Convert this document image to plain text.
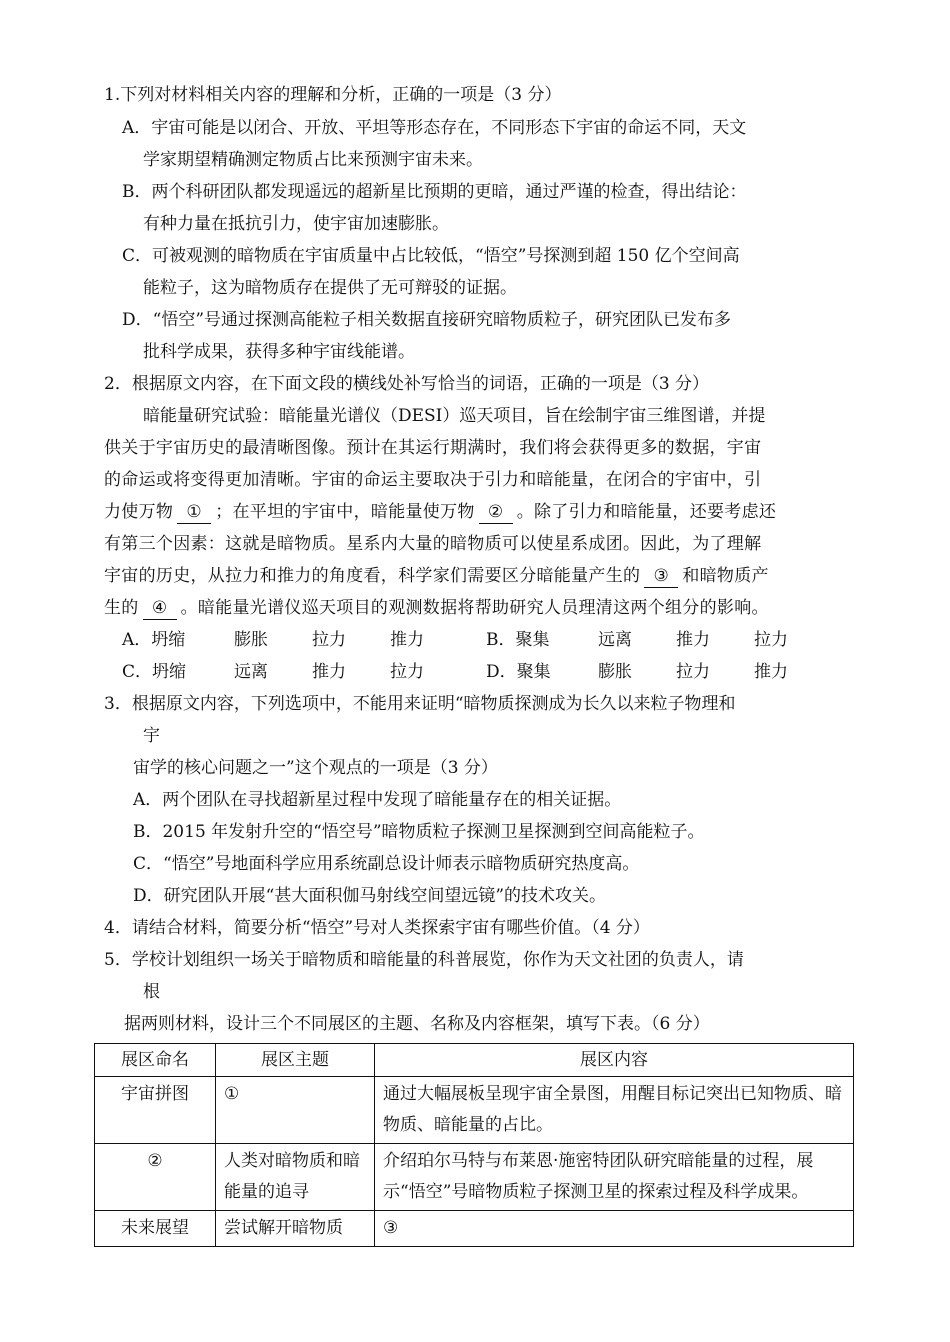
1.下列对材料相关内容的理解和分析，正确的一项是（3 分）
A．宇宙可能是以闭合、开放、平坦等形态存在，不同形态下宇宙的命运不同，天文
学家期望精确测定物质占比来预测宇宙未来。
B．两个科研团队都发现遥远的超新星比预期的更暗，通过严谨的检查，得出结论：
有种力量在抵抗引力，使宇宙加速膨胀。
C．可被观测的暗物质在宇宙质量中占比较低，“悟空”号探测到超 150 亿个空间高
能粒子，这为暗物质存在提供了无可辩驳的证据。
D．“悟空”号通过探测高能粒子相关数据直接研究暗物质粒子，研究团队已发布多
批科学成果，获得多种宇宙线能谱。
2．根据原文内容，在下面文段的横线处补写恰当的词语，正确的一项是（3 分）
暗能量研究试验：暗能量光谱仪（DESI）巡天项目，旨在绘制宇宙三维图谱，并提
供关于宇宙历史的最清晰图像。预计在其运行期满时，我们将会获得更多的数据，宇宙
的命运或将变得更加清晰。宇宙的命运主要取决于引力和暗能量，在闭合的宇宙中，引
力使万物 ① ；在平坦的宇宙中，暗能量使万物 ② 。除了引力和暗能量，还要考虑还
有第三个因素：这就是暗物质。星系内大量的暗物质可以使星系成团。因此，为了理解
宇宙的历史，从拉力和推力的角度看，科学家们需要区分暗能量产生的 ③ 和暗物质产
生的 ④ 。暗能量光谱仪巡天项目的观测数据将帮助研究人员理清这两个组分的影响。
A．坍缩	膨胀	拉力	推力	B．聚集	远离	推力	拉力
C．坍缩	远离	推力	拉力	D．聚集	膨胀	拉力	推力
3．根据原文内容，下列选项中，不能用来证明“暗物质探测成为长久以来粒子物理和
宇
宙学的核心问题之一”这个观点的一项是（3 分）
A．两个团队在寻找超新星过程中发现了暗能量存在的相关证据。
B．2015 年发射升空的“悟空号”暗物质粒子探测卫星探测到空间高能粒子。
C．“悟空”号地面科学应用系统副总设计师表示暗物质研究热度高。
D．研究团队开展“甚大面积伽马射线空间望远镜”的技术攻关。
4．请结合材料，简要分析“悟空”号对人类探索宇宙有哪些价值。（4 分）
5．学校计划组织一场关于暗物质和暗能量的科普展览，你作为天文社团的负责人，请
根
据两则材料，设计三个不同展区的主题、名称及内容框架，填写下表。（6 分）
展区命名	展区主题	展区内容
宇宙拼图	①	通过大幅展板呈现宇宙全景图，用醒目标记突出已知物质、暗物质、暗能量的占比。
②	人类对暗物质和暗能量的追寻	介绍珀尔马特与布莱恩·施密特团队研究暗能量的过程，展示“悟空”号暗物质粒子探测卫星的探索过程及科学成果。
未来展望	尝试解开暗物质	③
